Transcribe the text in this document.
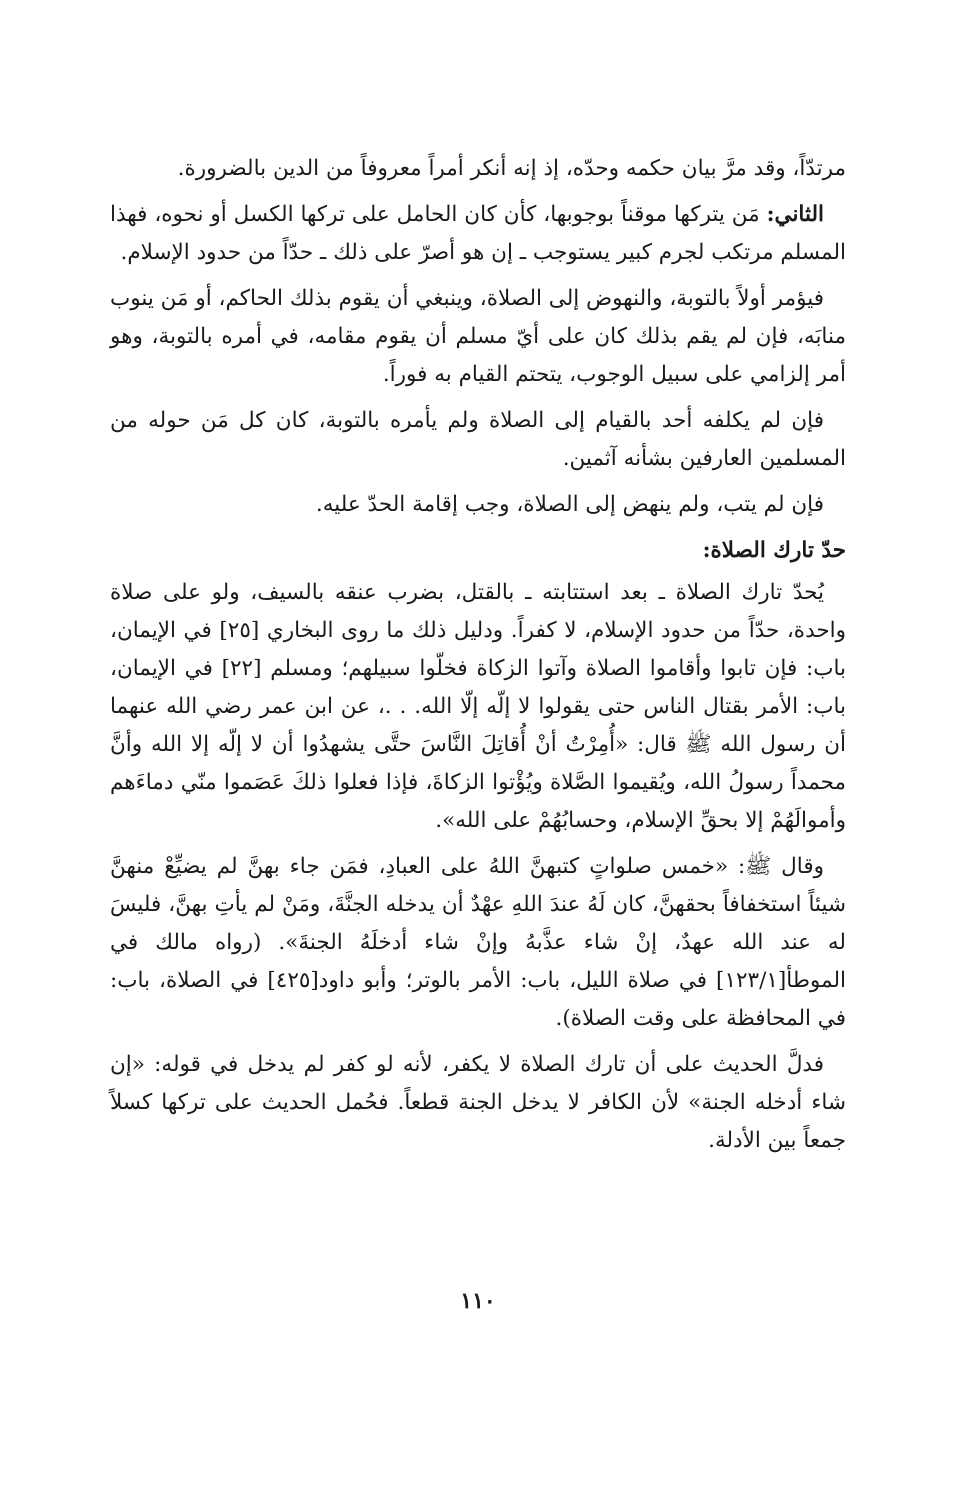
مرتدّاً، وقد مرَّ بيان حكمه وحدّه، إذ إنه أنكر أمراً معروفاً من الدين بالضرورة.

الثاني: مَن يتركها موقناً بوجوبها، كأن كان الحامل على تركها الكسل أو نحوه، فهذا المسلم مرتكب لجرم كبير يستوجب ـ إن هو أصرّ على ذلك ـ حدّاً من حدود الإسلام.

فيؤمر أولاً بالتوبة، والنهوض إلى الصلاة، وينبغي أن يقوم بذلك الحاكم، أو مَن ينوب منابَه، فإن لم يقم بذلك كان على أيّ مسلم أن يقوم مقامه، في أمره بالتوبة، وهو أمر إلزامي على سبيل الوجوب، يتحتم القيام به فوراً.

فإن لم يكلفه أحد بالقيام إلى الصلاة ولم يأمره بالتوبة، كان كل مَن حوله من المسلمين العارفين بشأنه آثمين.

فإن لم يتب، ولم ينهض إلى الصلاة، وجب إقامة الحدّ عليه.

حدّ تارك الصلاة:

يُحدّ تارك الصلاة ـ بعد استتابته ـ بالقتل، بضرب عنقه بالسيف، ولو على صلاة واحدة، حدّاً من حدود الإسلام، لا كفراً. ودليل ذلك ما روى البخاري [٢٥] في الإيمان، باب: فإن تابوا وأقاموا الصلاة وآتوا الزكاة فخلّوا سبيلهم؛ ومسلم [٢٢] في الإيمان، باب: الأمر بقتال الناس حتى يقولوا لا إلّه إلّا الله. . .، عن ابن عمر رضي الله عنهما أن رسول الله ﷺ قال: «أُمِرْتُ أنْ أُقاتِلَ النَّاسَ حتَّى يشهدُوا أن لا إلّه إلا الله وأنَّ محمداً رسولُ الله، ويُقيموا الصَّلاة ويُؤْتوا الزكاةَ، فإذا فعلوا ذلكَ عَصَموا منّي دماءَهم وأموالَهُمْ إلا بحقِّ الإسلام، وحسابُهُمْ على الله».

وقال ﷺ: «خمس صلواتٍ كتبهنَّ اللهُ على العبادِ، فمَن جاء بهنَّ لم يضيِّعْ منهنَّ شيئاً استخفافاً بحقهنَّ، كان لَهُ عندَ اللهِ عهْدٌ أن يدخله الجنَّةَ، ومَنْ لم يأتِ بهنَّ، فليسَ له عند الله عهدٌ، إنْ شاء عذَّبهُ وإنْ شاء أدخلَهُ الجنةَ». (رواه مالك في الموطأ[١٢٣/١] في صلاة الليل، باب: الأمر بالوتر؛ وأبو داود[٤٢٥] في الصلاة، باب: في المحافظة على وقت الصلاة).

فدلَّ الحديث على أن تارك الصلاة لا يكفر، لأنه لو كفر لم يدخل في قوله: «إن شاء أدخله الجنة» لأن الكافر لا يدخل الجنة قطعاً. فحُمل الحديث على تركها كسلاً جمعاً بين الأدلة.

١١٠
